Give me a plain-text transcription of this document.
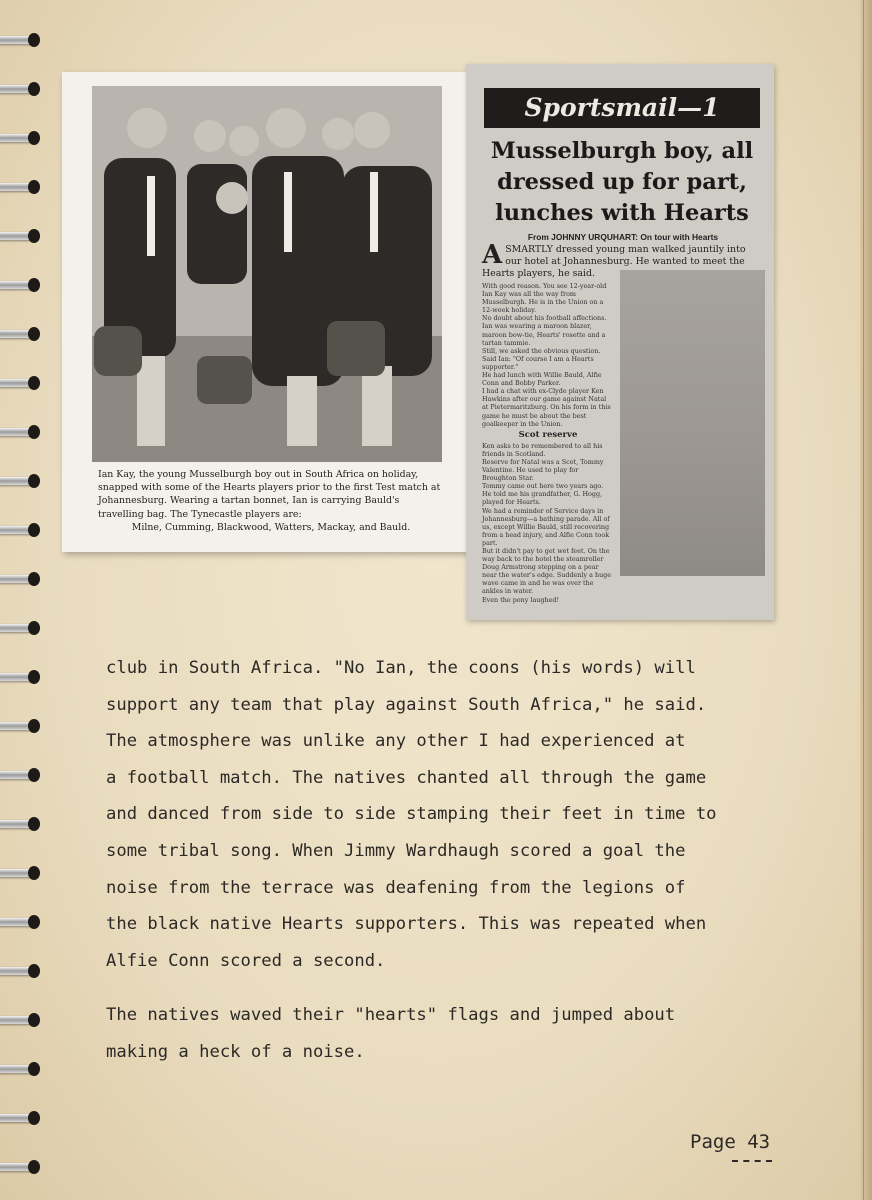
Ian Kay, the young Musselburgh boy out in South Africa on holiday, snapped with some of the Hearts players prior to the first Test match at Johannesburg. Wearing a tartan bonnet, Ian is carrying Bauld's travelling bag. The Tynecastle players are:

Milne, Cumming, Blackwood, Watters, Mackay, and Bauld.

Sportsmail—1
Musselburgh boy, all dressed up for part, lunches with Hearts
From JOHNNY URQUHART: On tour with Hearts
A SMARTLY dressed young man walked jauntily into our hotel at Johannesburg. He wanted to meet the Hearts players, he said.

With good reason. You see 12-year-old Ian Kay was all the way from Musselburgh. He is in the Union on a 12-week holiday.

No doubt about his football affections. Ian was wearing a maroon blazer, maroon bow-tie, Hearts' rosette and a tartan tammie.

Still, we asked the obvious question. Said Ian: "Of course I am a Hearts supporter."

He had lunch with Willie Bauld, Alfie Conn and Bobby Parker.

I had a chat with ex-Clyde player Ken Hawkins after our game against Natal at Pietermaritzburg. On his form in this game he must be about the best goalkeeper in the Union.

Scot reserve

Ken asks to be remembered to all his friends in Scotland.

Reserve for Natal was a Scot, Tommy Valentine. He used to play for Broughton Star.

Tommy came out here two years ago. He told me his grandfather, G. Hogg, played for Hearts.

We had a reminder of Service days in Johannesburg—a bathing parade. All of us, except Willie Bauld, still recovering from a head injury, and Alfie Conn took part.

But it didn't pay to get wet feet. On the way back to the hotel the steamroller Doug Armstrong stepping on a pear near the water's edge. Suddenly a huge wave came in and he was over the ankles in water.

Even the pony laughed!

club in South Africa. "No Ian, the coons (his words) will
support any team that play against South Africa," he said.
The atmosphere was unlike any other I had experienced at
a football match. The natives chanted all through the game
and danced from side to side stamping their feet in time to
some tribal song. When Jimmy Wardhaugh scored a goal the
noise from the terrace was deafening from the legions of
the black native Hearts supporters. This was repeated when
Alfie Conn scored a second.
The natives waved their "hearts" flags and jumped about
making a heck of a noise.
Page 43
